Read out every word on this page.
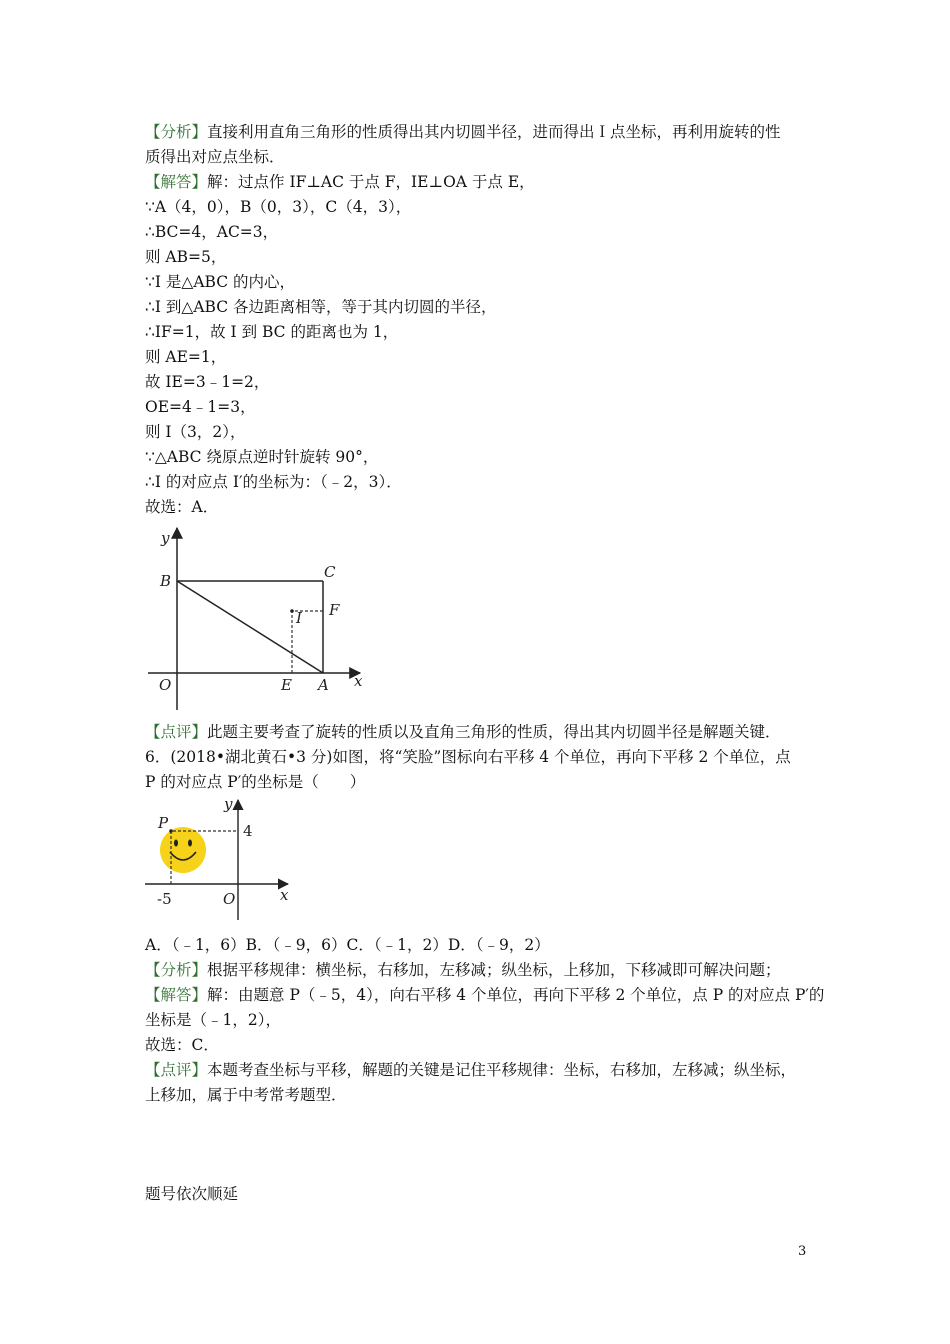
【分析】直接利用直角三角形的性质得出其内切圆半径，进而得出Ｉ点坐标，再利用旋转的性
质得出对应点坐标．
【解答】解：过点作 IF⊥AC 于点 F，IE⊥OA 于点 E，
∵A（4，0），B（0，3），C（4，3），
∴BC=4，AC=3，
则 AB=5，
∵I 是△ABC 的内心，
∴I 到△ABC 各边距离相等，等于其内切圆的半径，
∴IF=1，故 I 到 BC 的距离也为 1，
则 AE=1，
故 IE=3﹣1=2，
OE=4﹣1=3，
则 I（3，2），
∵△ABC 绕原点逆时针旋转 90°，
∴I 的对应点 I′的坐标为：（﹣2，3）．
故选：A．
y
x
B	C
I F
O	E A
【点评】此题主要考查了旋转的性质以及直角三角形的性质，得出其内切圆半径是解题关键．
6．(2018•湖北黄石•3 分)如图，将“笑脸”图标向右平移 4 个单位，再向下平移 2 个单位，点
P 的对应点 P′的坐标是（　　）
P
y
4
x
-5	O
A．（﹣1，6）B．（﹣9，6）C．（﹣1，2）D．（﹣9，2）
【分析】根据平移规律：横坐标，右移加，左移减；纵坐标，上移加，下移减即可解决问题；
【解答】解：由题意 P（﹣5，4），向右平移 4 个单位，再向下平移 2 个单位，点 P 的对应点 P′的
坐标是（﹣1，2），
故选：C．
【点评】本题考查坐标与平移，解题的关键是记住平移规律：坐标，右移加，左移减；纵坐标，
上移加，属于中考常考题型．
题号依次顺延
3
